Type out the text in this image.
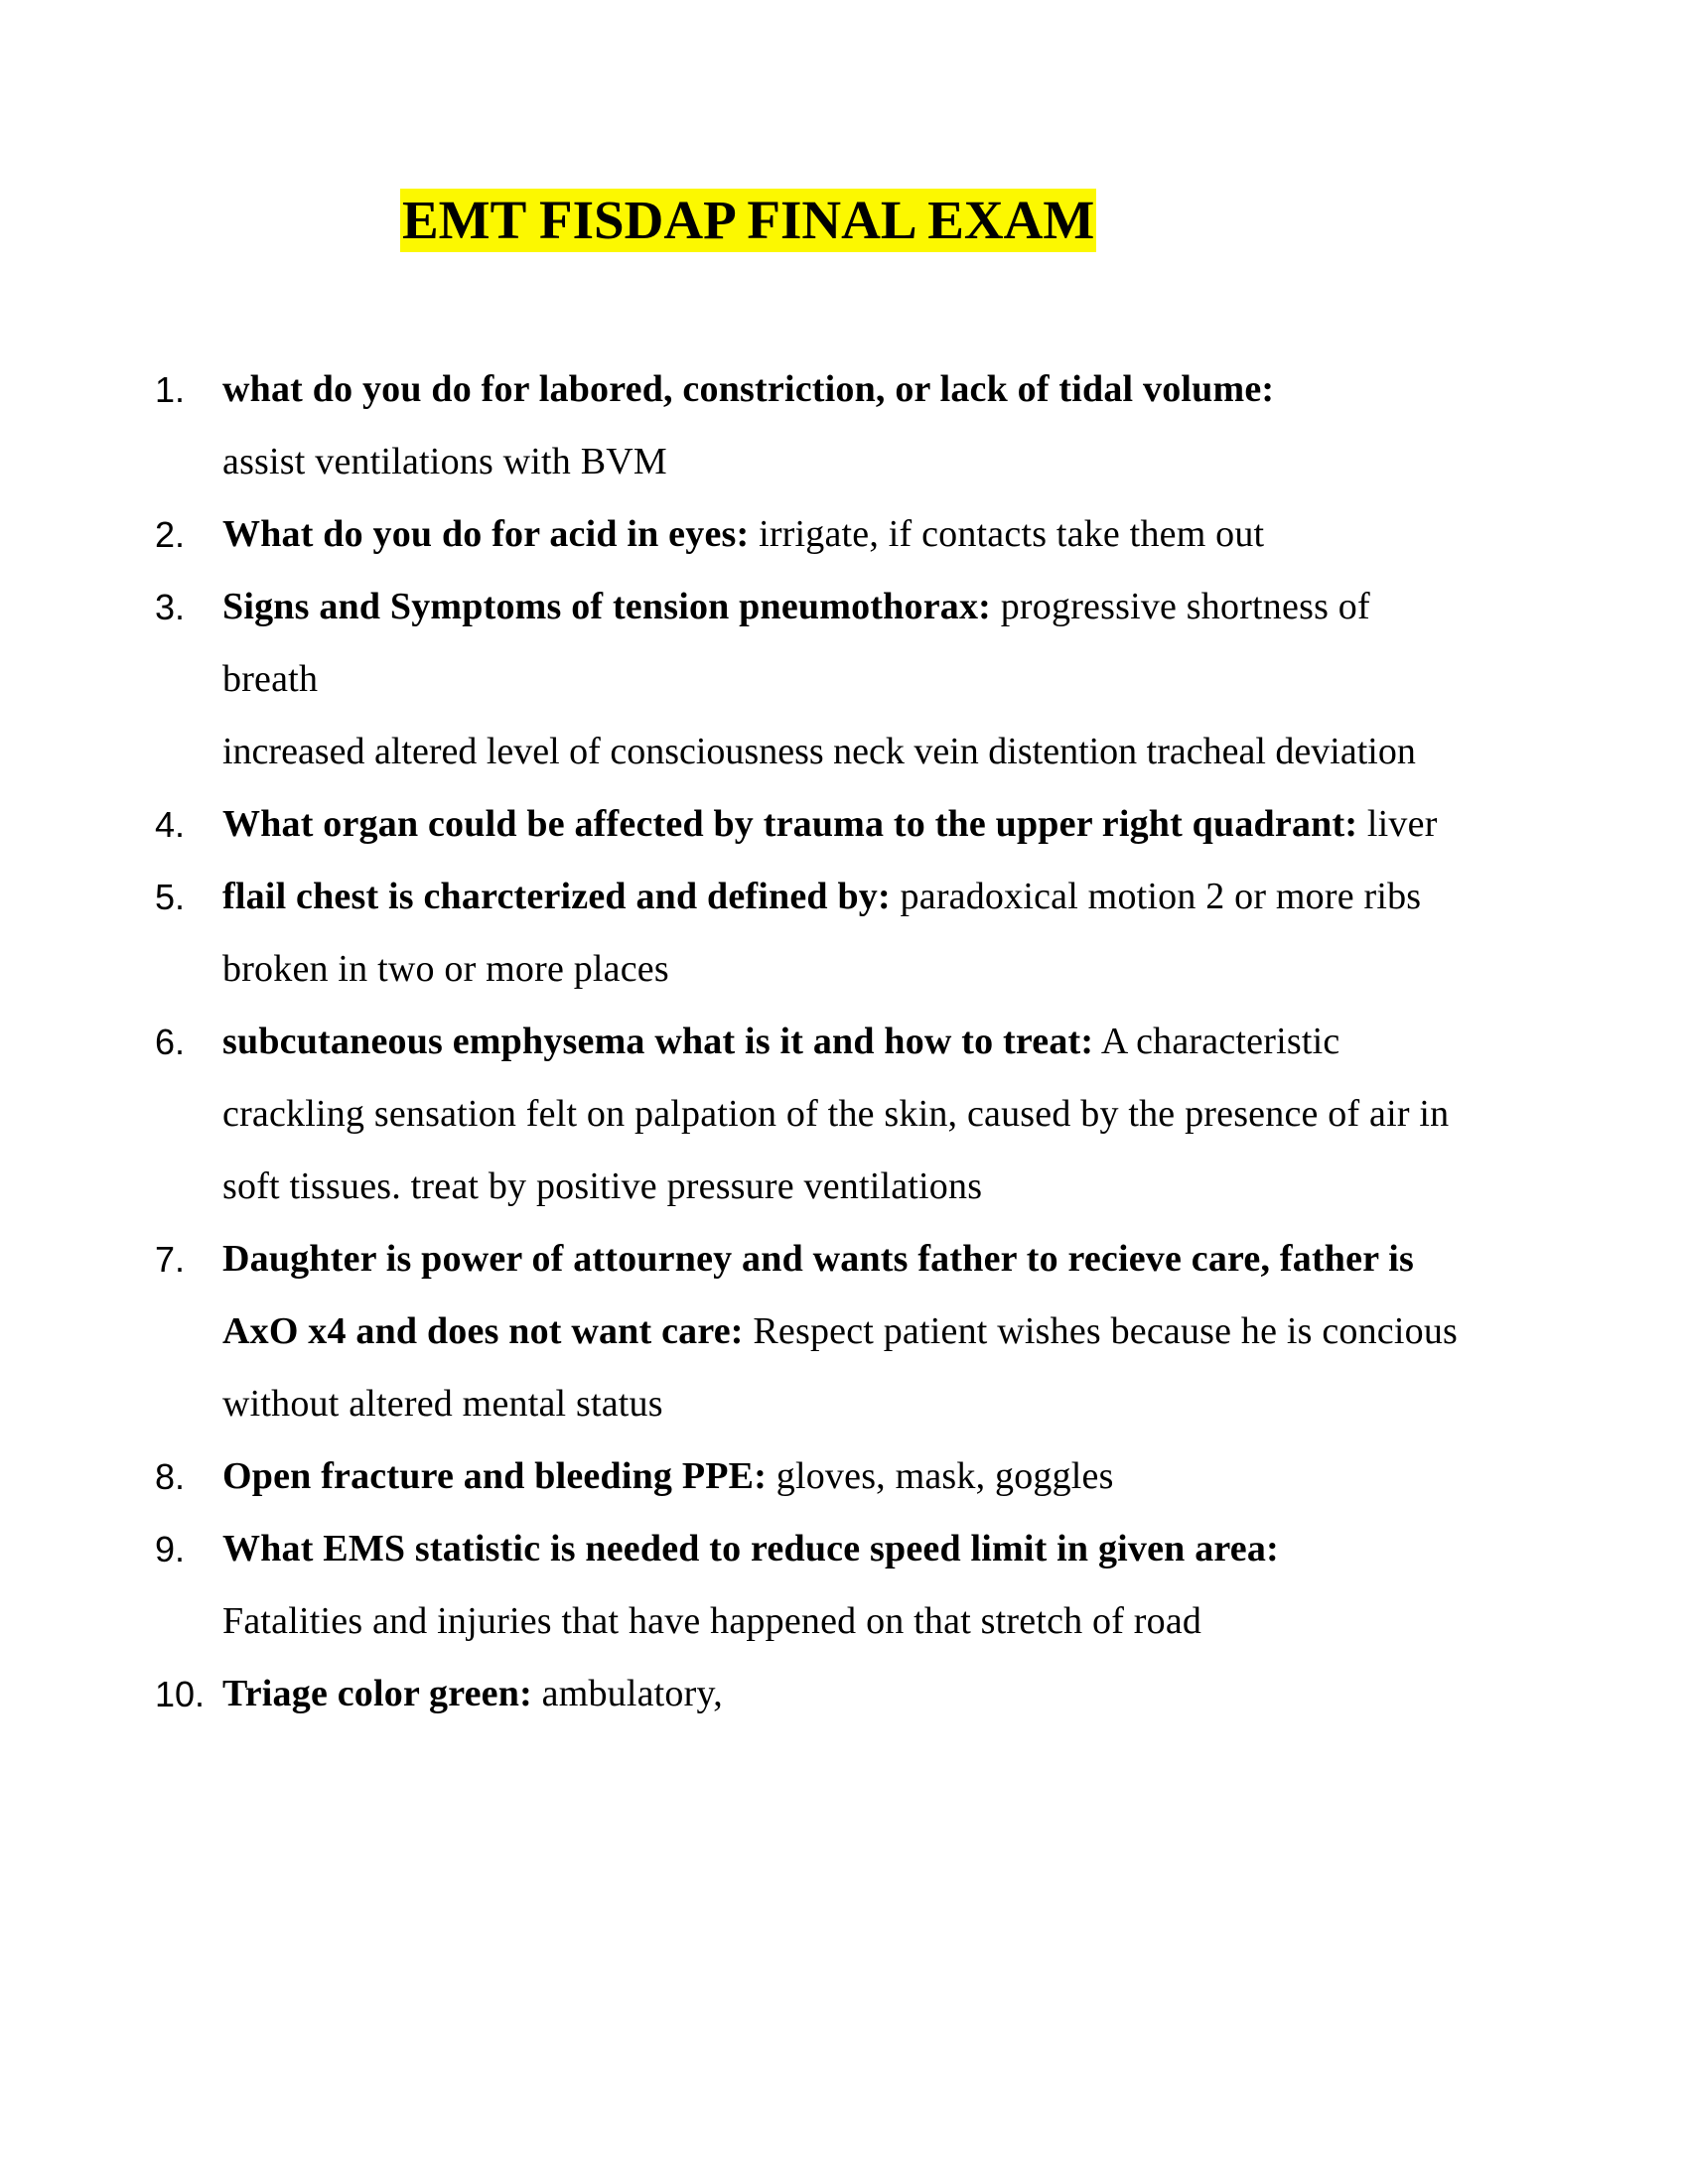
EMT FISDAP FINAL EXAM
1. what do you do for labored, constriction, or lack of tidal volume:
assist ventilations with BVM
2. What do you do for acid in eyes: irrigate, if contacts take them out
3. Signs and Symptoms of tension pneumothorax: progressive shortness of breath
increased altered level of consciousness neck vein distention tracheal deviation
4. What organ could be affected by trauma to the upper right quadrant: liver
5. flail chest is charcterized and defined by: paradoxical motion 2 or more ribs broken in two or more places
6. subcutaneous emphysema what is it and how to treat: A characteristic crackling sensation felt on palpation of the skin, caused by the presence of air in soft tissues. treat by positive pressure ventilations
7. Daughter is power of attourney and wants father to recieve care, father is AxO x4 and does not want care: Respect patient wishes because he is concious without altered mental status
8. Open fracture and bleeding PPE: gloves, mask, goggles
9. What EMS statistic is needed to reduce speed limit in given area:
Fatalities and injuries that have happened on that stretch of road
10. Triage color green: ambulatory,
